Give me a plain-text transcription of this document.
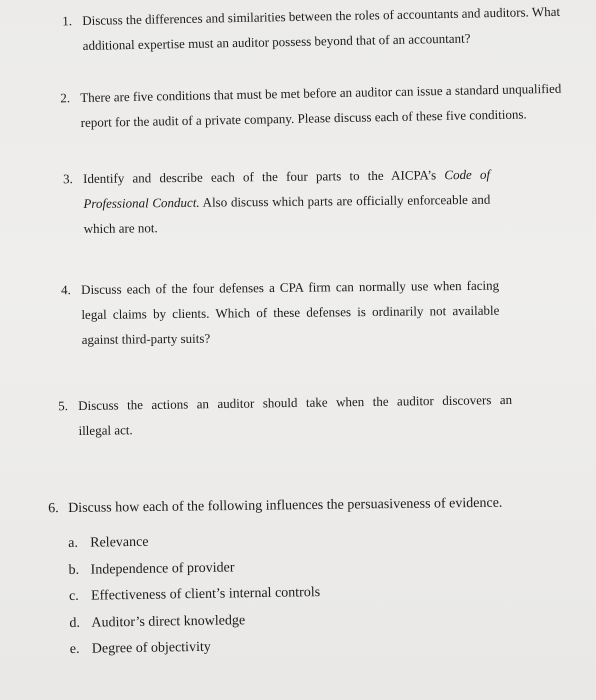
1. Discuss the differences and similarities between the roles of accountants and auditors. What
additional expertise must an auditor possess beyond that of an accountant?
2. There are five conditions that must be met before an auditor can issue a standard unqualified
report for the audit of a private company. Please discuss each of these five conditions.
3. Identify and describe each of the four parts to the AICPA’s Code of
Professional Conduct. Also discuss which parts are officially enforceable and
which are not.
4. Discuss each of the four defenses a CPA firm can normally use when facing
legal claims by clients. Which of these defenses is ordinarily not available
against third-party suits?
5. Discuss the actions an auditor should take when the auditor discovers an
illegal act.
6. Discuss how each of the following influences the persuasiveness of evidence.
a. Relevance
b. Independence of provider
c. Effectiveness of client’s internal controls
d. Auditor’s direct knowledge
e. Degree of objectivity
